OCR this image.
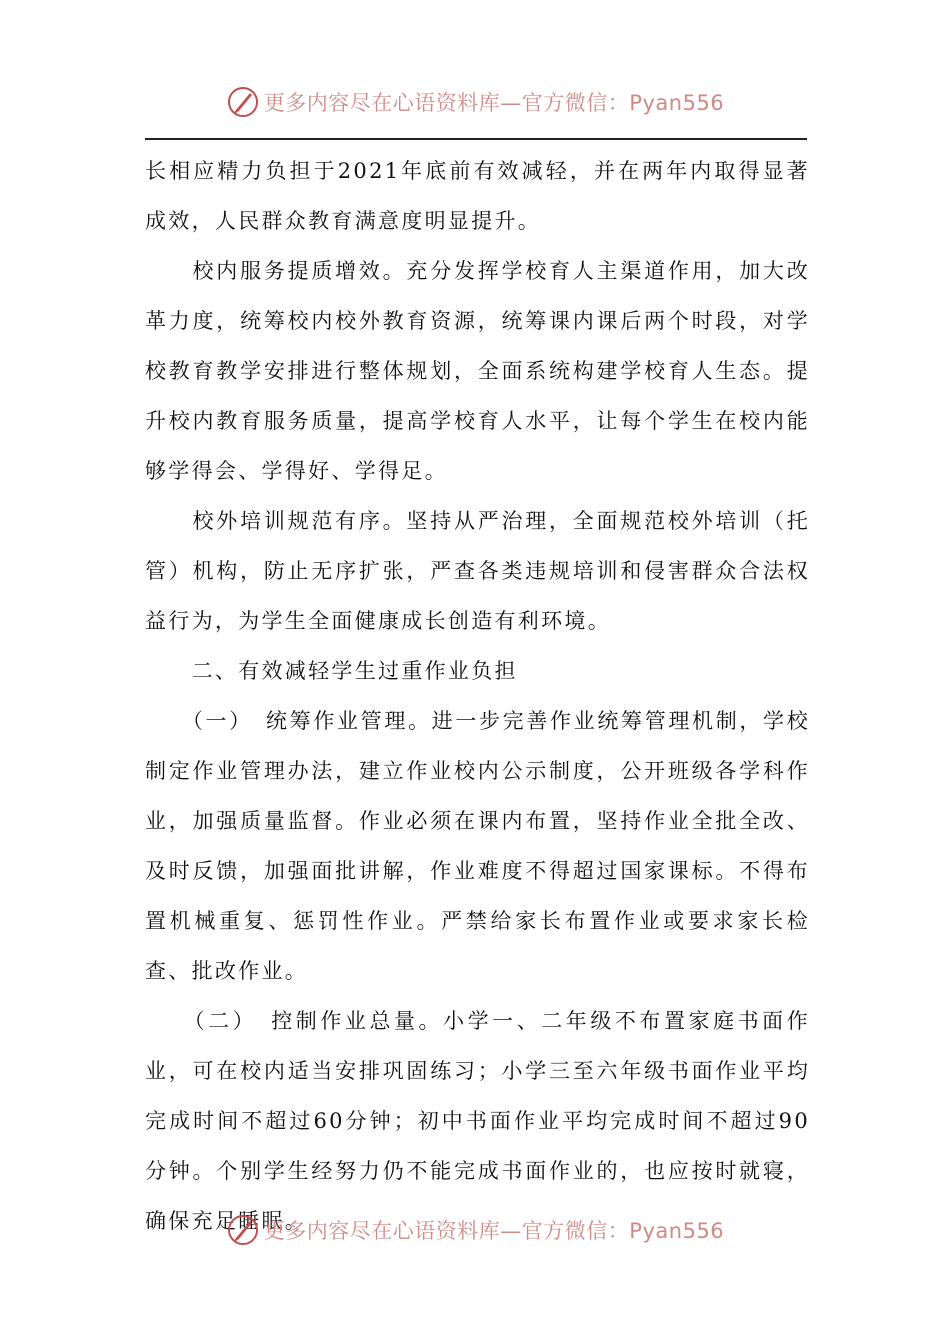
更多内容尽在心语资料库—官方微信：Pyan556

长相应精力负担于2021年底前有效减轻，并在两年内取得显著成效，人民群众教育满意度明显提升。

　　校内服务提质增效。充分发挥学校育人主渠道作用，加大改革力度，统筹校内校外教育资源，统筹课内课后两个时段，对学校教育教学安排进行整体规划，全面系统构建学校育人生态。提升校内教育服务质量，提高学校育人水平，让每个学生在校内能够学得会、学得好、学得足。

　　校外培训规范有序。坚持从严治理，全面规范校外培训（托管）机构，防止无序扩张，严查各类违规培训和侵害群众合法权益行为，为学生全面健康成长创造有利环境。

　　二、有效减轻学生过重作业负担

　　（一）　统筹作业管理。进一步完善作业统筹管理机制，学校制定作业管理办法，建立作业校内公示制度，公开班级各学科作业，加强质量监督。作业必须在课内布置，坚持作业全批全改、及时反馈，加强面批讲解，作业难度不得超过国家课标。不得布置机械重复、惩罚性作业。严禁给家长布置作业或要求家长检查、批改作业。

　　（二）　控制作业总量。小学一、二年级不布置家庭书面作业，可在校内适当安排巩固练习；小学三至六年级书面作业平均完成时间不超过60分钟；初中书面作业平均完成时间不超过90分钟。个别学生经努力仍不能完成书面作业的，也应按时就寝，确保充足睡眠。

更多内容尽在心语资料库—官方微信：Pyan556
